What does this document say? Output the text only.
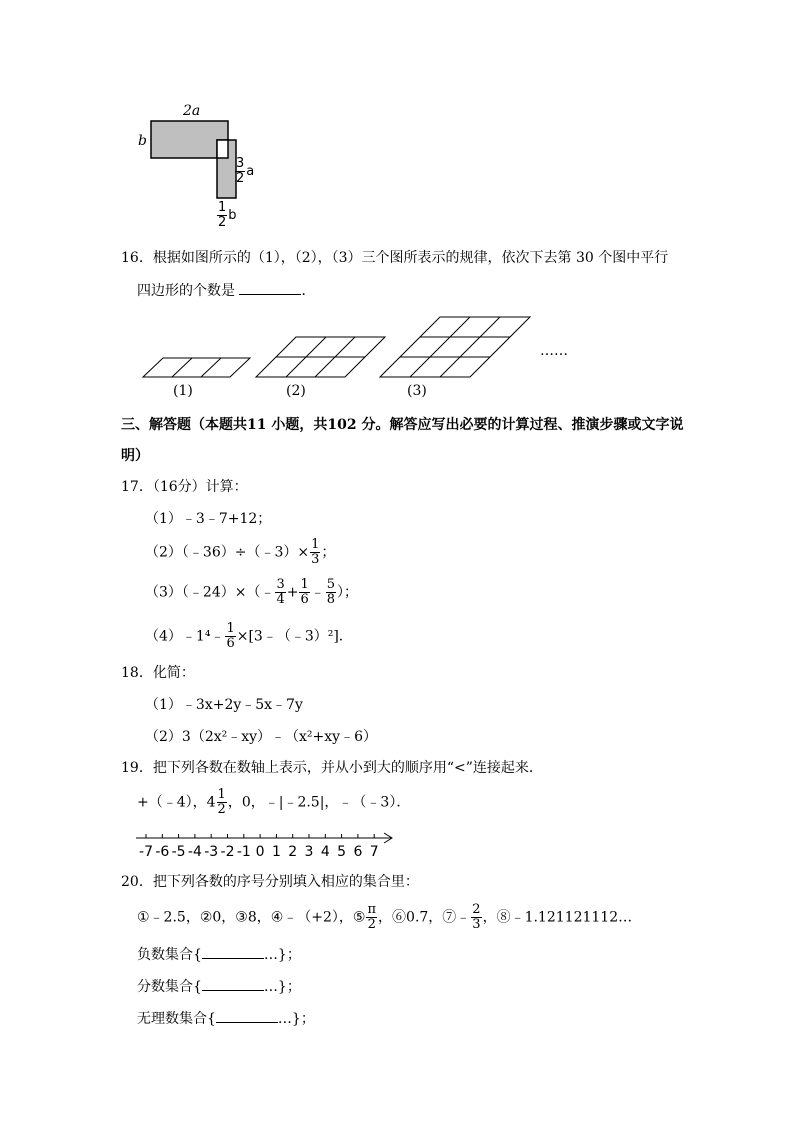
2a
b
$\frac{3}{2}$ a
$\frac{1}{2}$ b
16．根据如图所示的（1），（2），（3）三个图所表示的规律，依次下去第 30 个图中平行
四边形的个数是	．
(1)	(2)	(3)
……
三、解答题（本题共11 小题，共102 分。解答应写出必要的计算过程、推演步骤或文字说
明）
17．（16分）计算：
（1）﹣3﹣7+12；
（2）（﹣36）÷（﹣3）× $\frac{1}{3}$ ；
（3）（﹣24）×（﹣ $\frac{3}{4} + \frac{1}{6}$ ﹣ $\frac{5}{8}$ ）；
（4）﹣1⁴﹣ $\frac{1}{6}$ ×[3﹣（﹣3）²]．
18．化简：
（1）﹣3x+2y﹣5x﹣7y
（2）3（2x²﹣xy）﹣（x²+xy﹣6）
19．把下列各数在数轴上表示，并从小到大的顺序用“<”连接起来．
+（﹣4），$4 \frac{1}{2}$ ，0，﹣|﹣2.5|，﹣（﹣3）．
-7 -6 -5 -4 -3 -2 -1 0 1 2 3 4 5 6 7
20．把下列各数的序号分别填入相应的集合里：
①﹣2.5，②0，③8，④﹣（+2），⑤ $\frac{\pi}{2}$ ，⑥0.7，⑦﹣ $\frac{2}{3}$ ，⑧﹣1.121121112…
负数集合{	…}；
分数集合{	…}；
无理数集合{	…}；
